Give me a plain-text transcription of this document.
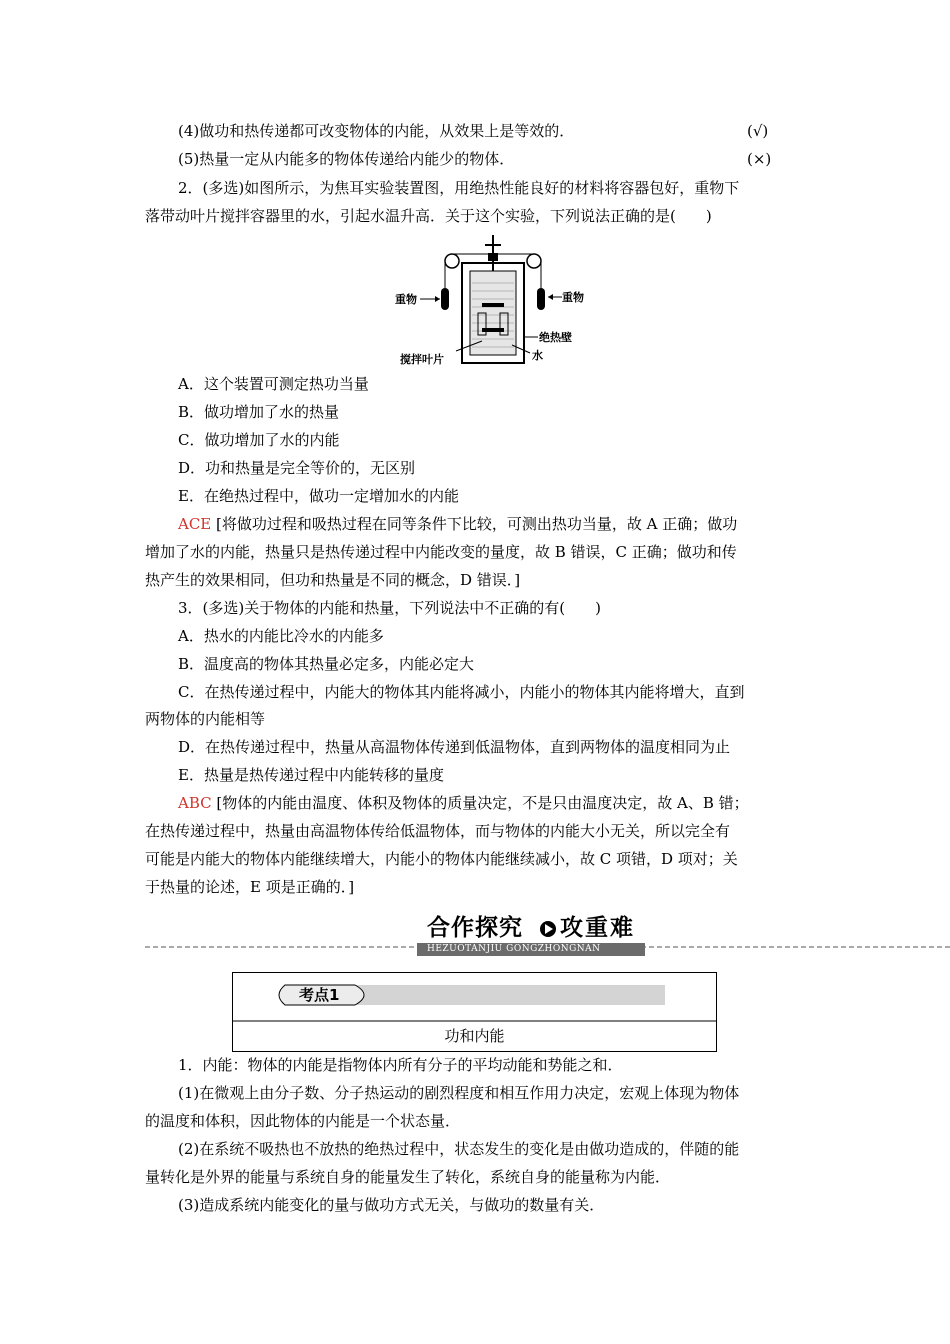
(4)做功和热传递都可改变物体的内能，从效果上是等效的．	(√)
(5)热量一定从内能多的物体传递给内能少的物体．	(×)
2．(多选)如图所示，为焦耳实验装置图，用绝热性能良好的材料将容器包好，重物下
落带动叶片搅拌容器里的水，引起水温升高．关于这个实验，下列说法正确的是(　　)
重物	重物
绝热壁
搅拌叶片	水
A．这个装置可测定热功当量
B．做功增加了水的热量
C．做功增加了水的内能
D．功和热量是完全等价的，无区别
E．在绝热过程中，做功一定增加水的内能
ACE [将做功过程和吸热过程在同等条件下比较，可测出热功当量，故 A 正确；做功
增加了水的内能，热量只是热传递过程中内能改变的量度，故 B 错误，C 正确；做功和传
热产生的效果相同，但功和热量是不同的概念，D 错误．]
3．(多选)关于物体的内能和热量，下列说法中不正确的有(　　)
A．热水的内能比冷水的内能多
B．温度高的物体其热量必定多，内能必定大
C．在热传递过程中，内能大的物体其内能将减小，内能小的物体其内能将增大，直到
两物体的内能相等
D．在热传递过程中，热量从高温物体传递到低温物体，直到两物体的温度相同为止
E．热量是热传递过程中内能转移的量度
ABC [物体的内能由温度、体积及物体的质量决定，不是只由温度决定，故 A、B 错；
在热传递过程中，热量由高温物体传给低温物体，而与物体的内能大小无关，所以完全有
可能是内能大的物体内能继续增大，内能小的物体内能继续减小，故 C 项错，D 项对；关
于热量的论述，E 项是正确的．]
合作探究 攻重难
HEZUOTANJIU GONGZHONGNAN
考点1
功和内能
1．内能：物体的内能是指物体内所有分子的平均动能和势能之和．
(1)在微观上由分子数、分子热运动的剧烈程度和相互作用力决定，宏观上体现为物体
的温度和体积，因此物体的内能是一个状态量．
(2)在系统不吸热也不放热的绝热过程中，状态发生的变化是由做功造成的，伴随的能
量转化是外界的能量与系统自身的能量发生了转化，系统自身的能量称为内能．
(3)造成系统内能变化的量与做功方式无关，与做功的数量有关．
